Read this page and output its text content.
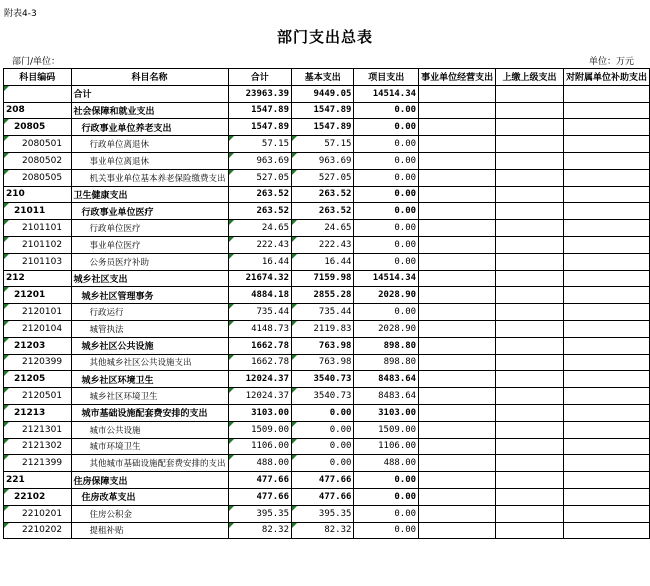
附表4-3
部门支出总表
部门/单位：	单位：万元
科目编码	科目名称	合计	基本支出	项目支出	事业单位经营支出	上缴上级支出	对附属单位补助支出
	合计	23963.39	9449.05	14514.34			
208	社会保障和就业支出	1547.89	1547.89	0.00			
20805	行政事业单位养老支出	1547.89	1547.89	0.00			
2080501	行政单位离退休	57.15	57.15	0.00			
2080502	事业单位离退休	963.69	963.69	0.00			
2080505	机关事业单位基本养老保险缴费支出	527.05	527.05	0.00			
210	卫生健康支出	263.52	263.52	0.00			
21011	行政事业单位医疗	263.52	263.52	0.00			
2101101	行政单位医疗	24.65	24.65	0.00			
2101102	事业单位医疗	222.43	222.43	0.00			
2101103	公务员医疗补助	16.44	16.44	0.00			
212	城乡社区支出	21674.32	7159.98	14514.34			
21201	城乡社区管理事务	4884.18	2855.28	2028.90			
2120101	行政运行	735.44	735.44	0.00			
2120104	城管执法	4148.73	2119.83	2028.90			
21203	城乡社区公共设施	1662.78	763.98	898.80			
2120399	其他城乡社区公共设施支出	1662.78	763.98	898.80			
21205	城乡社区环境卫生	12024.37	3540.73	8483.64			
2120501	城乡社区环境卫生	12024.37	3540.73	8483.64			
21213	城市基础设施配套费安排的支出	3103.00	0.00	3103.00			
2121301	城市公共设施	1509.00	0.00	1509.00			
2121302	城市环境卫生	1106.00	0.00	1106.00			
2121399	其他城市基础设施配套费安排的支出	488.00	0.00	488.00			
221	住房保障支出	477.66	477.66	0.00			
22102	住房改革支出	477.66	477.66	0.00			
2210201	住房公积金	395.35	395.35	0.00			
2210202	提租补贴	82.32	82.32	0.00			
